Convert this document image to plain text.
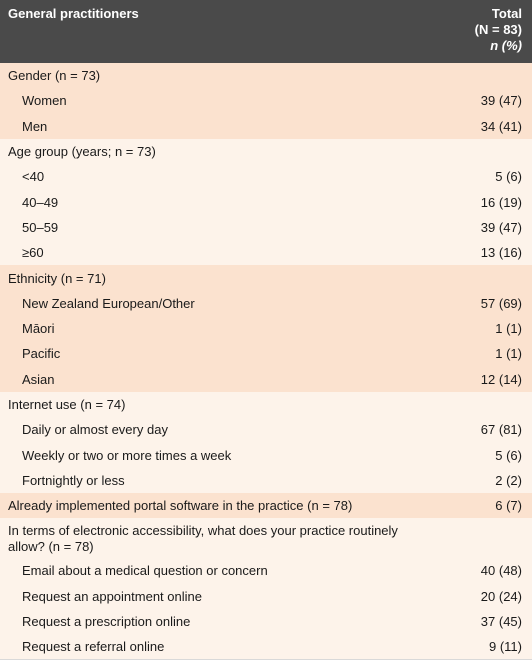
General practitioners	Total
(N = 83)
n (%)

Gender (n = 73)	
Women	39 (47)
Men	34 (41)
Age group (years; n = 73)	
<40	5 (6)
40–49	16 (19)
50–59	39 (47)
≥60	13 (16)
Ethnicity (n = 71)	
New Zealand European/Other	57 (69)
Māori	1 (1)
Pacific	1 (1)
Asian	12 (14)
Internet use (n = 74)	
Daily or almost every day	67 (81)
Weekly or two or more times a week	5 (6)
Fortnightly or less	2 (2)
Already implemented portal software in the practice (n = 78)	6 (7)
In terms of electronic accessibility, what does your practice routinely allow? (n = 78)	
Email about a medical question or concern	40 (48)
Request an appointment online	20 (24)
Request a prescription online	37 (45)
Request a referral online	9 (11)
